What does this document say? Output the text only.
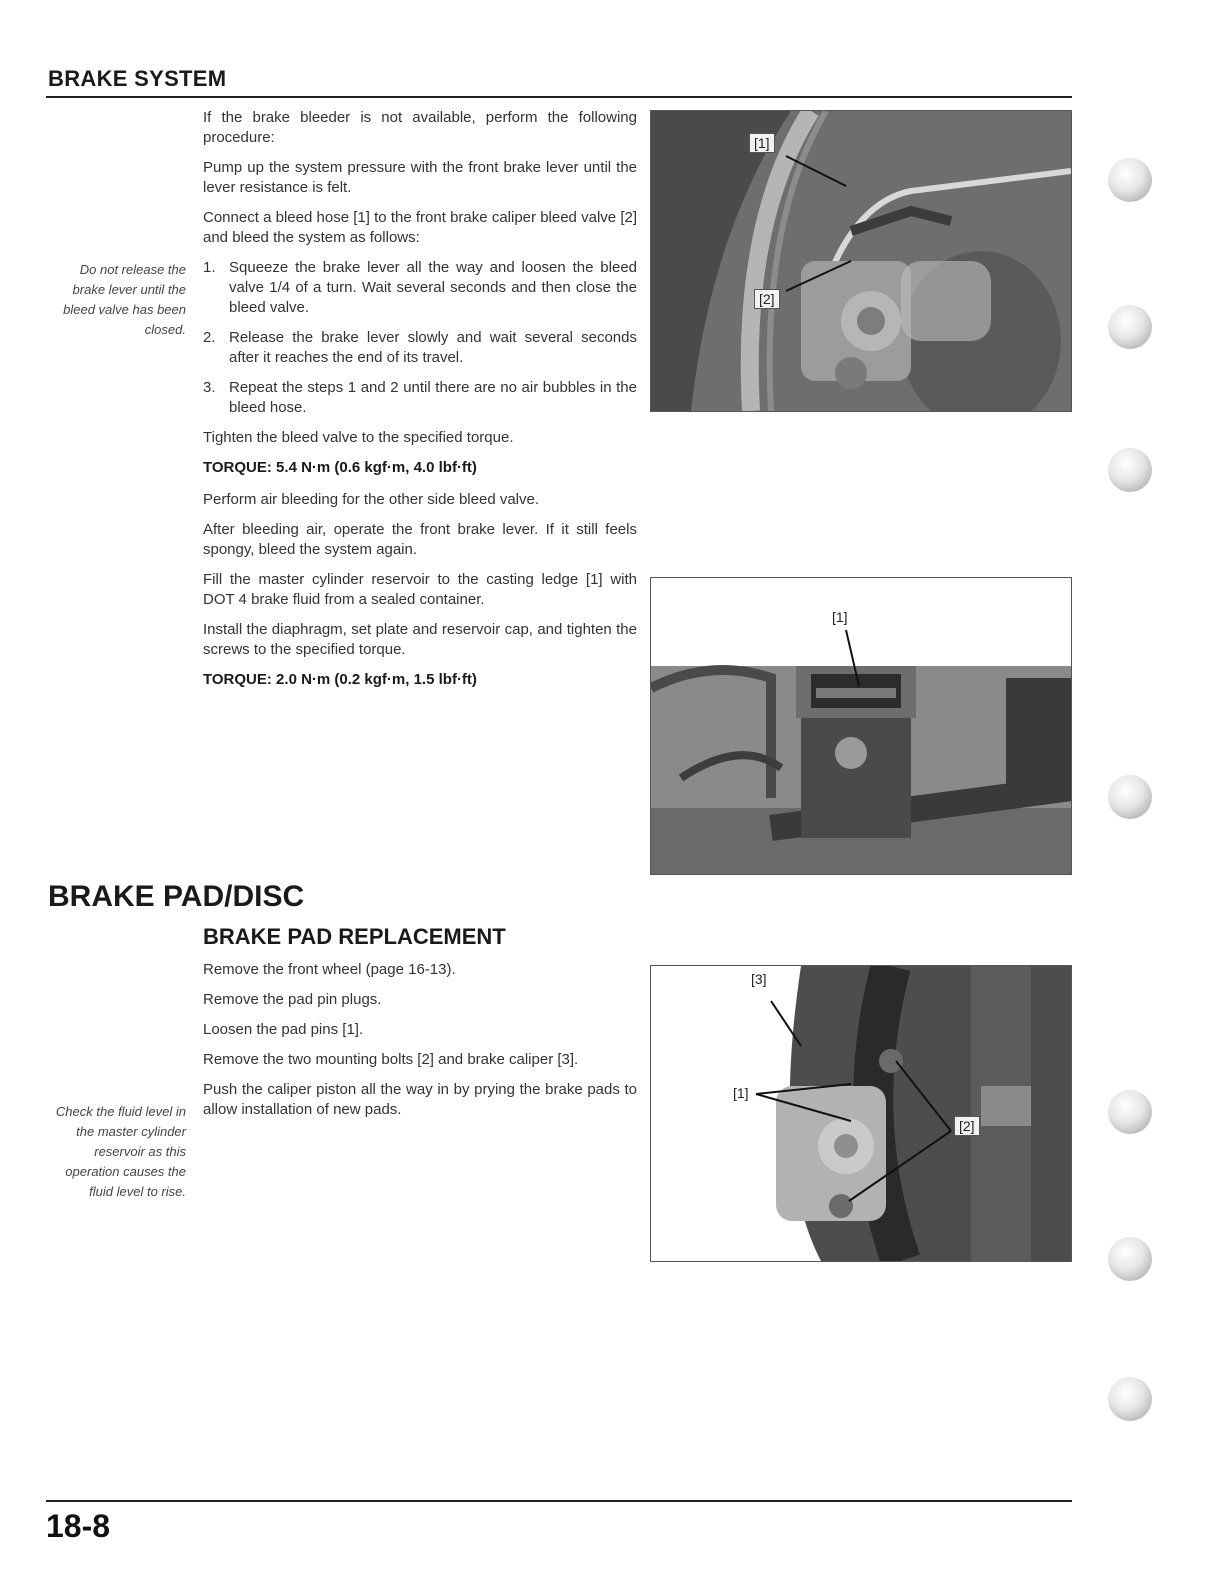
BRAKE SYSTEM
Do not release the brake lever until the bleed valve has been closed.

If the brake bleeder is not available, perform the following procedure:

Pump up the system pressure with the front brake lever until the lever resistance is felt.

Connect a bleed hose [1] to the front brake caliper bleed valve [2] and bleed the system as follows:

1. Squeeze the brake lever all the way and loosen the bleed valve 1/4 of a turn. Wait several seconds and then close the bleed valve.
2. Release the brake lever slowly and wait several seconds after it reaches the end of its travel.
3. Repeat the steps 1 and 2 until there are no air bubbles in the bleed hose.

Tighten the bleed valve to the specified torque.

TORQUE: 5.4 N·m (0.6 kgf·m, 4.0 lbf·ft)

Perform air bleeding for the other side bleed valve.

After bleeding air, operate the front brake lever. If it still feels spongy, bleed the system again.

Fill the master cylinder reservoir to the casting ledge [1] with DOT 4 brake fluid from a sealed container.

Install the diaphragm, set plate and reservoir cap, and tighten the screws to the specified torque.

TORQUE: 2.0 N·m (0.2 kgf·m, 1.5 lbf·ft)

[1]
[2]
[1]
BRAKE PAD/DISC
BRAKE PAD REPLACEMENT

Remove the front wheel (page 16-13).

Remove the pad pin plugs.

Loosen the pad pins [1].

Remove the two mounting bolts [2] and brake caliper [3].

Push the caliper piston all the way in by prying the brake pads to allow installation of new pads.

Check the fluid level in the master cylinder reservoir as this operation causes the fluid level to rise.
[3]
[1]
[2]
18-8
